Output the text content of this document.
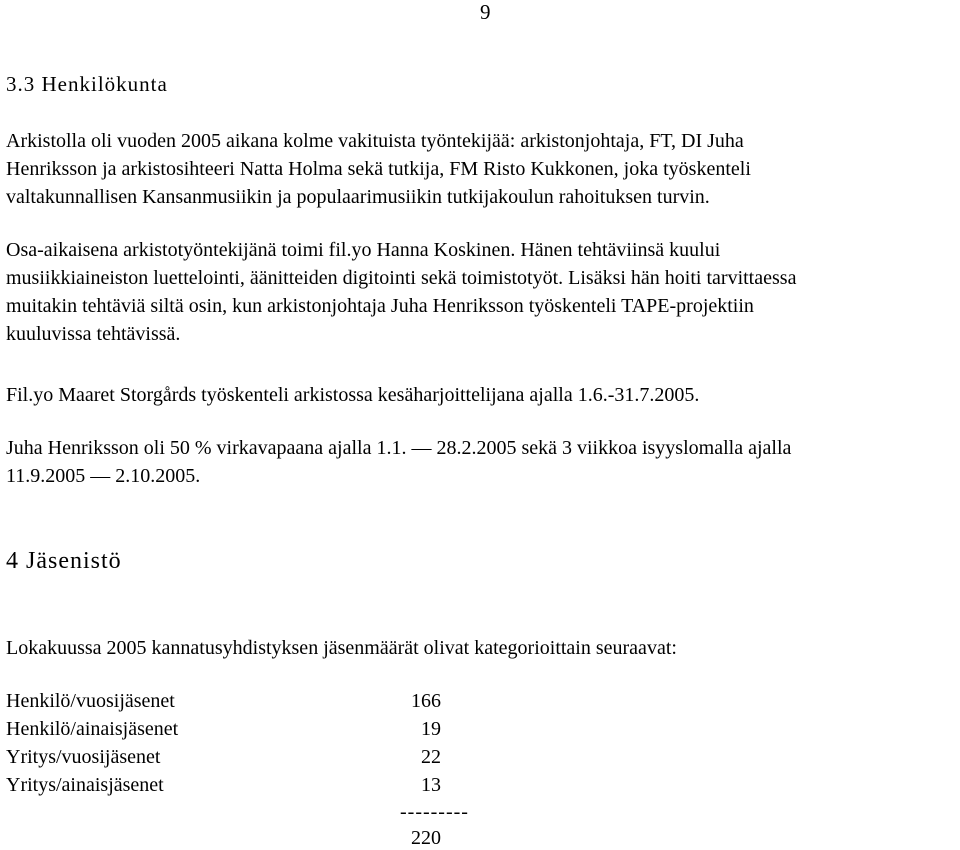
9
3.3 Henkilökunta

Arkistolla oli vuoden 2005 aikana kolme vakituista työntekijää: arkistonjohtaja, FT, DI Juha
Henriksson ja arkistosihteeri Natta Holma sekä tutkija, FM Risto Kukkonen, joka työskenteli
valtakunnallisen Kansanmusiikin ja populaarimusiikin tutkijakoulun rahoituksen turvin.

Osa-aikaisena arkistotyöntekijänä toimi fil.yo Hanna Koskinen. Hänen tehtäviinsä kuului
musiikkiaineiston luettelointi, äänitteiden digitointi sekä toimistotyöt. Lisäksi hän hoiti tarvittaessa
muitakin tehtäviä siltä osin, kun arkistonjohtaja Juha Henriksson työskenteli TAPE-projektiin
kuuluvissa tehtävissä.

Fil.yo Maaret Storgårds työskenteli arkistossa kesäharjoittelijana ajalla 1.6.-31.7.2005.

Juha Henriksson oli 50 % virkavapaana ajalla 1.1. — 28.2.2005 sekä 3 viikkoa isyyslomalla ajalla
11.9.2005 — 2.10.2005.

4 Jäsenistö

Lokakuussa 2005 kannatusyhdistyksen jäsenmäärät olivat kategorioittain seuraavat:

Henkilö/vuosijäsenet	166
Henkilö/ainaisjäsenet	19
Yritys/vuosijäsenet	22
Yritys/ainaisjäsenet	13
---------
220
